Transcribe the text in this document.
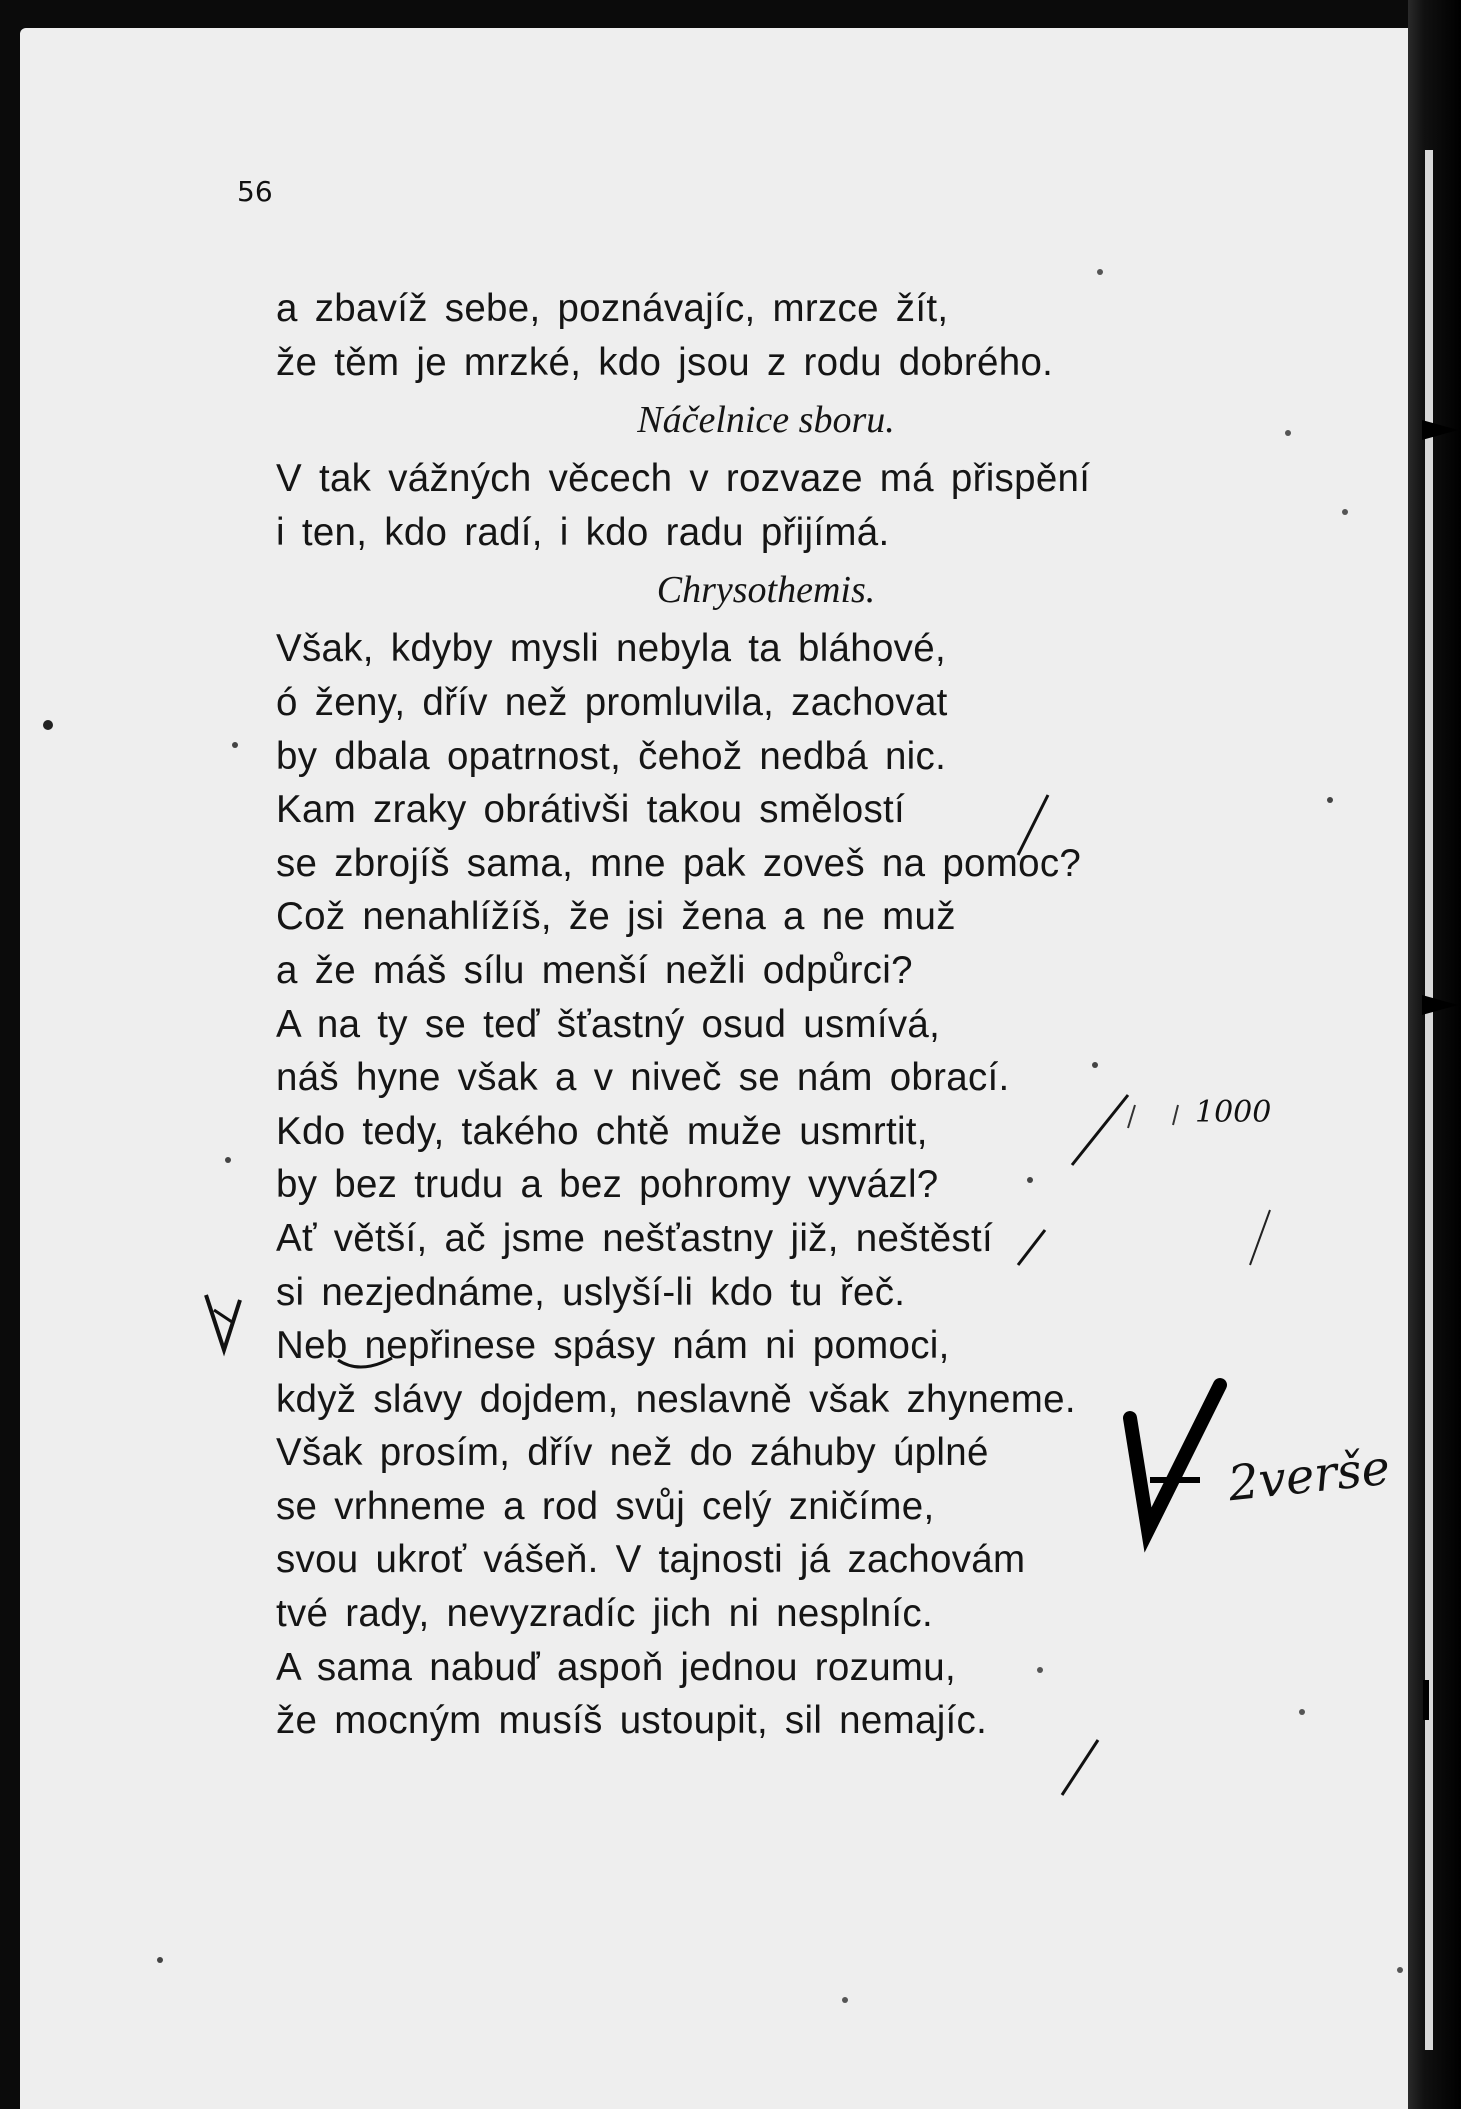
56

a zbavíž sebe, poznávajíc, mrzce žít,
že těm je mrzké, kdo jsou z rodu dobrého.
Náčelnice sboru.
V tak vážných věcech v rozvaze má přispění
i ten, kdo radí, i kdo radu přijímá.
Chrysothemis.
Však, kdyby mysli nebyla ta bláhové,
ó ženy, dřív než promluvila, zachovat
by dbala opatrnost, čehož nedbá nic.
Kam zraky obrátivši takou smělostí
se zbrojíš sama, mne pak zoveš na pomoc?
Což nenahlížíš, že jsi žena a ne muž
a že máš sílu menší nežli odpůrci?
A na ty se teď šťastný osud usmívá,
náš hyne však a v niveč se nám obrací.
Kdo tedy, takého chtě muže usmrtit,
by bez trudu a bez pohromy vyvázl?
Ať větší, ač jsme nešťastny již, neštěstí
si nezjednáme, uslyší-li kdo tu řeč.
Neb nepřinese spásy nám ni pomoci,
když slávy dojdem, neslavně však zhyneme.
Však prosím, dřív než do záhuby úplné
se vrhneme a rod svůj celý zničíme,
svou ukroť vášeň. V tajnosti já zachovám
tvé rady, nevyzradíc jich ni nesplníc.
A sama nabuď aspoň jednou rozumu,
že mocným musíš ustoupit, sil nemajíc.
1000
2verše
